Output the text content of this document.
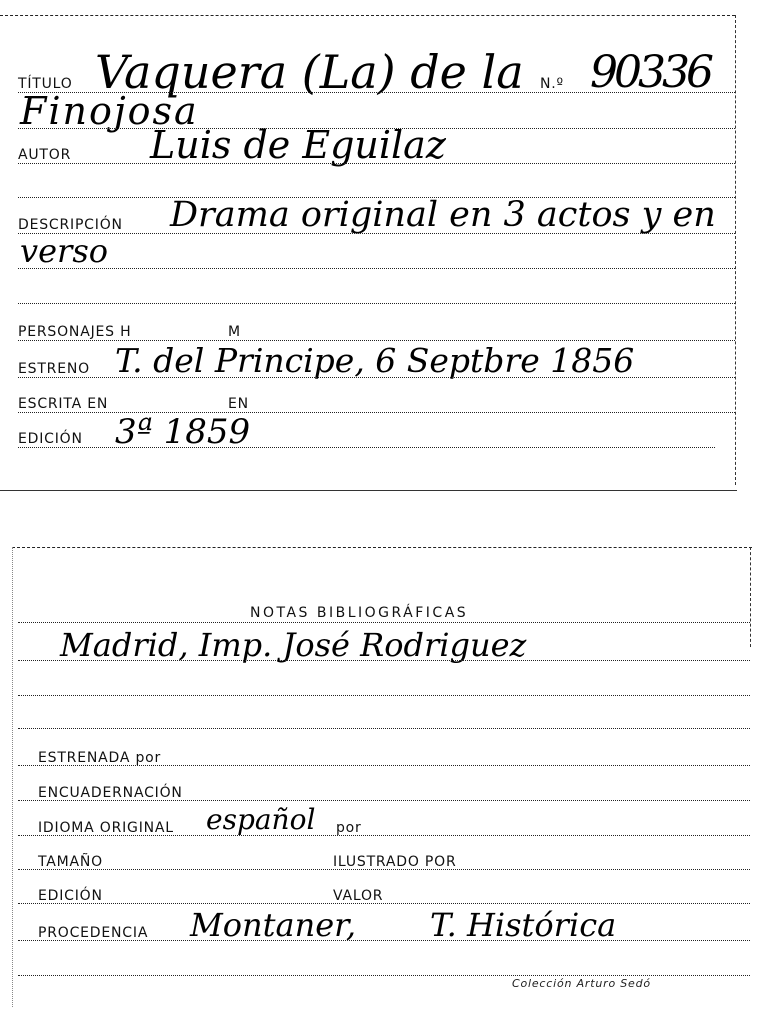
TÍTULO Vaquera (La) de la N.º 90336
Finojosa
AUTOR Luis de Eguilaz
DESCRIPCIÓN Drama original en 3 actos y en
verso
PERSONAJES H	M
ESTRENO T. del Principe, 6 Septbre 1856
ESCRITA EN	EN
EDICIÓN 3ª 1859
NOTAS BIBLIOGRÁFICAS
Madrid, Imp. José Rodriguez
ESTRENADA por
ENCUADERNACIÓN
IDIOMA ORIGINAL español por
TAMAÑO	ILUSTRADO POR
EDICIÓN	VALOR
PROCEDENCIA Montaner, T. Histórica
Colección Arturo Sedó
